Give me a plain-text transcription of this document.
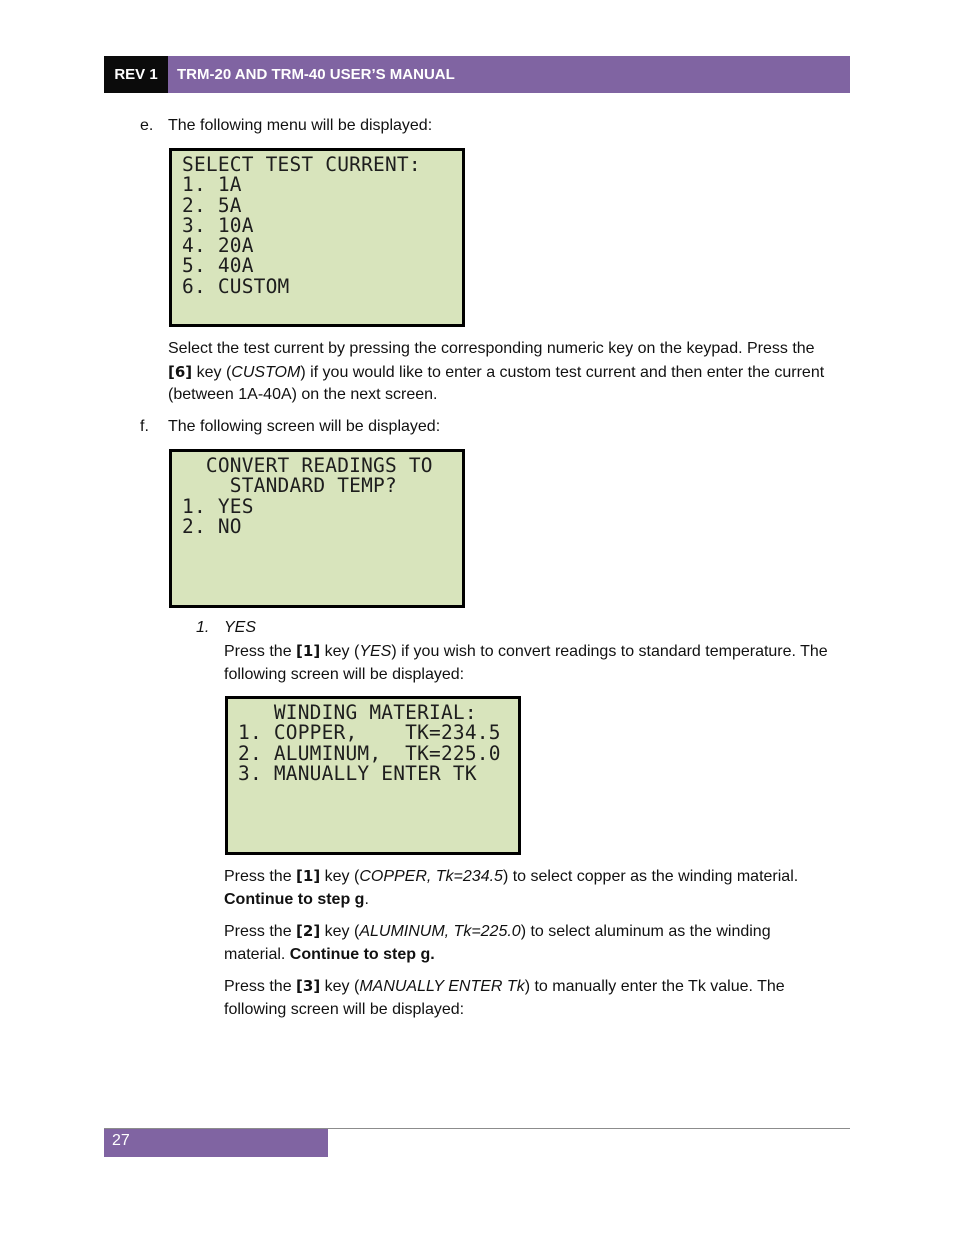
REV 1	TRM-20 AND TRM-40 USER’S MANUAL
e. The following menu will be displayed:

SELECT TEST CURRENT:
1. 1A
2. 5A
3. 10A
4. 20A
5. 40A
6. CUSTOM

Select the test current by pressing the corresponding numeric key on the keypad. Press the [6] key (CUSTOM) if you would like to enter a custom test current and then enter the current (between 1A-40A) on the next screen.

f. The following screen will be displayed:

CONVERT READINGS TO
STANDARD TEMP?
1. YES
2. NO
1. YES

Press the [1] key (YES) if you wish to convert readings to standard temperature. The following screen will be displayed:

WINDING MATERIAL:
1. COPPER,    TK=234.5
2. ALUMINUM,  TK=225.0
3. MANUALLY ENTER TK

Press the [1] key (COPPER, Tk=234.5) to select copper as the winding material. Continue to step g.

Press the [2] key (ALUMINUM, Tk=225.0) to select aluminum as the winding material. Continue to step g.

Press the [3] key (MANUALLY ENTER Tk) to manually enter the Tk value. The following screen will be displayed:

27
